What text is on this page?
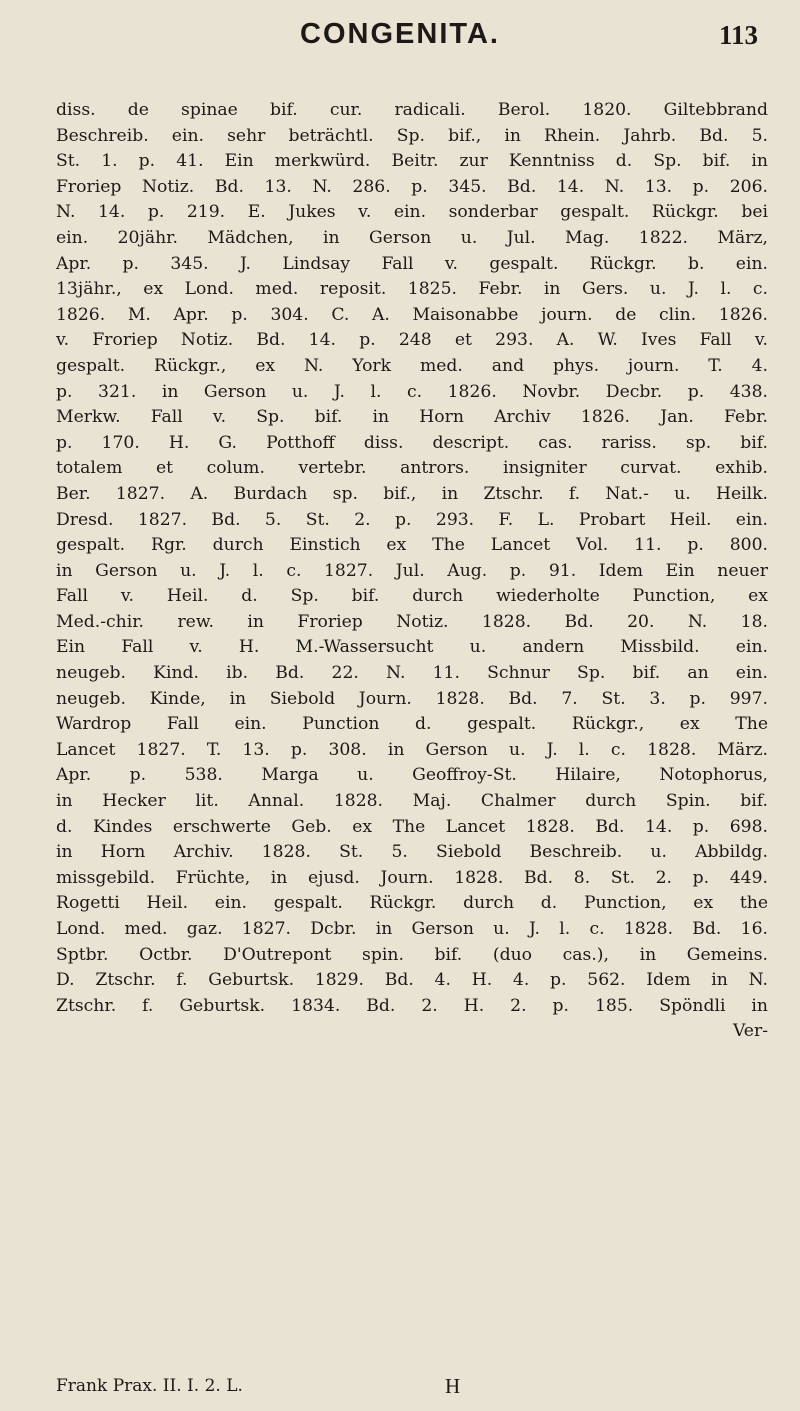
CONGENITA.	113
diss. de spinae bif. cur. radicali. Berol. 1820. Giltebbrand
Beschreib. ein. sehr beträchtl. Sp. bif., in Rhein. Jahrb. Bd. 5.
St. 1. p. 41. Ein merkwürd. Beitr. zur Kenntniss d. Sp. bif. in
Froriep Notiz. Bd. 13. N. 286. p. 345. Bd. 14. N. 13. p. 206.
N. 14. p. 219. E. Jukes v. ein. sonderbar gespalt. Rückgr. bei
ein. 20jähr. Mädchen, in Gerson u. Jul. Mag. 1822. März,
Apr. p. 345. J. Lindsay Fall v. gespalt. Rückgr. b. ein.
13jähr., ex Lond. med. reposit. 1825. Febr. in Gers. u. J. l. c.
1826. M. Apr. p. 304. C. A. Maisonabbe journ. de clin. 1826.
v. Froriep Notiz. Bd. 14. p. 248 et 293. A. W. Ives Fall v.
gespalt. Rückgr., ex N. York med. and phys. journ. T. 4.
p. 321. in Gerson u. J. l. c. 1826. Novbr. Decbr. p. 438.
Merkw. Fall v. Sp. bif. in Horn Archiv 1826. Jan. Febr.
p. 170. H. G. Potthoff diss. descript. cas. rariss. sp. bif.
totalem et colum. vertebr. antrors. insigniter curvat. exhib.
Ber. 1827. A. Burdach sp. bif., in Ztschr. f. Nat.- u. Heilk.
Dresd. 1827. Bd. 5. St. 2. p. 293. F. L. Probart Heil. ein.
gespalt. Rgr. durch Einstich ex The Lancet Vol. 11. p. 800.
in Gerson u. J. l. c. 1827. Jul. Aug. p. 91. Idem Ein neuer
Fall v. Heil. d. Sp. bif. durch wiederholte Punction, ex
Med.-chir. rew. in Froriep Notiz. 1828. Bd. 20. N. 18.
Ein Fall v. H. M.-Wassersucht u. andern Missbild. ein.
neugeb. Kind. ib. Bd. 22. N. 11. Schnur Sp. bif. an ein.
neugeb. Kinde, in Siebold Journ. 1828. Bd. 7. St. 3. p. 997.
Wardrop Fall ein. Punction d. gespalt. Rückgr., ex The
Lancet 1827. T. 13. p. 308. in Gerson u. J. l. c. 1828. März.
Apr. p. 538. Marga u. Geoffroy-St. Hilaire, Notophorus,
in Hecker lit. Annal. 1828. Maj. Chalmer durch Spin. bif.
d. Kindes erschwerte Geb. ex The Lancet 1828. Bd. 14. p. 698.
in Horn Archiv. 1828. St. 5. Siebold Beschreib. u. Abbildg.
missgebild. Früchte, in ejusd. Journ. 1828. Bd. 8. St. 2. p. 449.
Rogetti Heil. ein. gespalt. Rückgr. durch d. Punction, ex the
Lond. med. gaz. 1827. Dcbr. in Gerson u. J. l. c. 1828. Bd. 16.
Sptbr. Octbr. D'Outrepont spin. bif. (duo cas.), in Gemeins.
D. Ztschr. f. Geburtsk. 1829. Bd. 4. H. 4. p. 562. Idem in N.
Ztschr. f. Geburtsk. 1834. Bd. 2. H. 2. p. 185. Spöndli in
Ver-
Frank Prax. II. I. 2. L.	H
